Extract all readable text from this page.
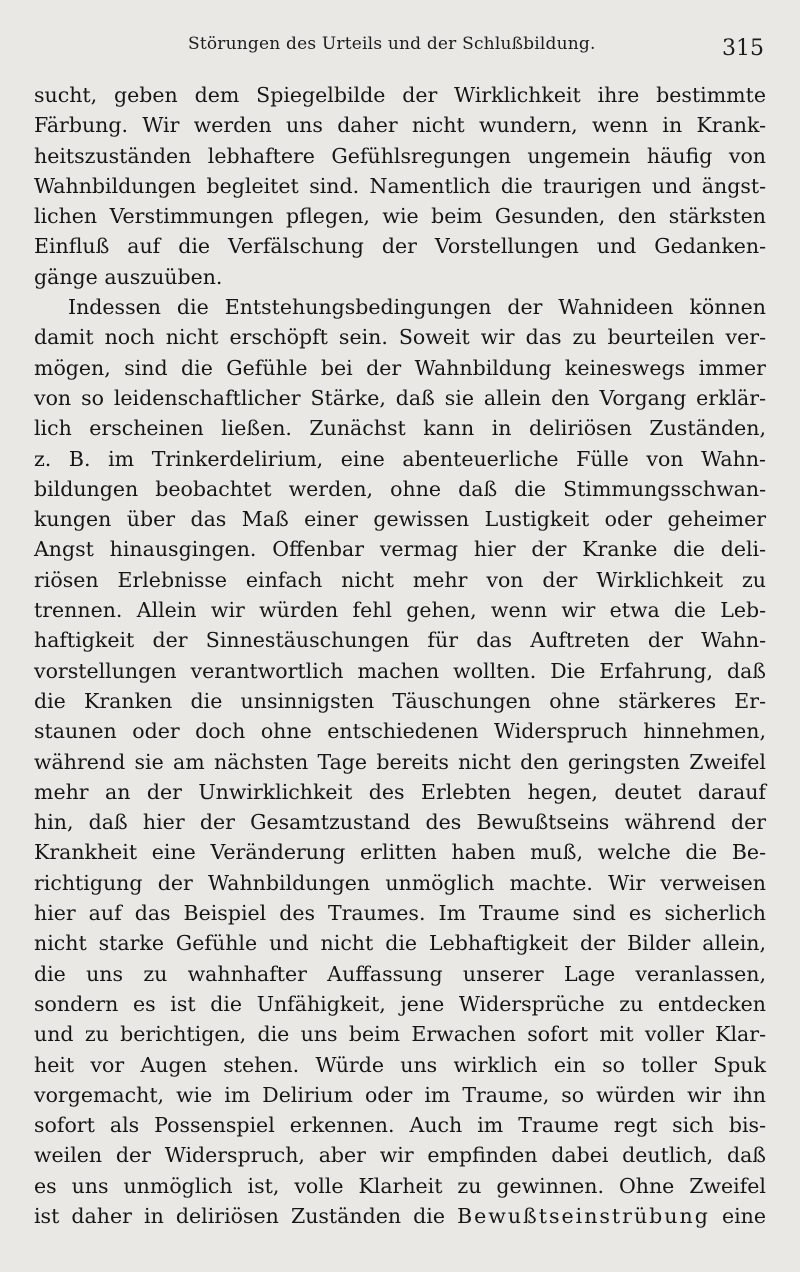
Störungen des Urteils und der Schlußbildung.	315
sucht, geben dem Spiegelbilde der Wirklichkeit ihre bestimmte
Färbung. Wir werden uns daher nicht wundern, wenn in Krank-
heitszuständen lebhaftere Gefühlsregungen ungemein häufig von
Wahnbildungen begleitet sind. Namentlich die traurigen und ängst-
lichen Verstimmungen pflegen, wie beim Gesunden, den stärksten
Einfluß auf die Verfälschung der Vorstellungen und Gedanken-
gänge auszuüben.
Indessen die Entstehungsbedingungen der Wahnideen können
damit noch nicht erschöpft sein. Soweit wir das zu beurteilen ver-
mögen, sind die Gefühle bei der Wahnbildung keineswegs immer
von so leidenschaftlicher Stärke, daß sie allein den Vorgang erklär-
lich erscheinen ließen. Zunächst kann in deliriösen Zuständen,
z. B. im Trinkerdelirium, eine abenteuerliche Fülle von Wahn-
bildungen beobachtet werden, ohne daß die Stimmungsschwan-
kungen über das Maß einer gewissen Lustigkeit oder geheimer
Angst hinausgingen. Offenbar vermag hier der Kranke die deli-
riösen Erlebnisse einfach nicht mehr von der Wirklichkeit zu
trennen. Allein wir würden fehl gehen, wenn wir etwa die Leb-
haftigkeit der Sinnestäuschungen für das Auftreten der Wahn-
vorstellungen verantwortlich machen wollten. Die Erfahrung, daß
die Kranken die unsinnigsten Täuschungen ohne stärkeres Er-
staunen oder doch ohne entschiedenen Widerspruch hinnehmen,
während sie am nächsten Tage bereits nicht den geringsten Zweifel
mehr an der Unwirklichkeit des Erlebten hegen, deutet darauf
hin, daß hier der Gesamtzustand des Bewußtseins während der
Krankheit eine Veränderung erlitten haben muß, welche die Be-
richtigung der Wahnbildungen unmöglich machte. Wir verweisen
hier auf das Beispiel des Traumes. Im Traume sind es sicherlich
nicht starke Gefühle und nicht die Lebhaftigkeit der Bilder allein,
die uns zu wahnhafter Auffassung unserer Lage veranlassen,
sondern es ist die Unfähigkeit, jene Widersprüche zu entdecken
und zu berichtigen, die uns beim Erwachen sofort mit voller Klar-
heit vor Augen stehen. Würde uns wirklich ein so toller Spuk
vorgemacht, wie im Delirium oder im Traume, so würden wir ihn
sofort als Possenspiel erkennen. Auch im Traume regt sich bis-
weilen der Widerspruch, aber wir empfinden dabei deutlich, daß
es uns unmöglich ist, volle Klarheit zu gewinnen. Ohne Zweifel
ist daher in deliriösen Zuständen die Bewußtseinstrübung eine
